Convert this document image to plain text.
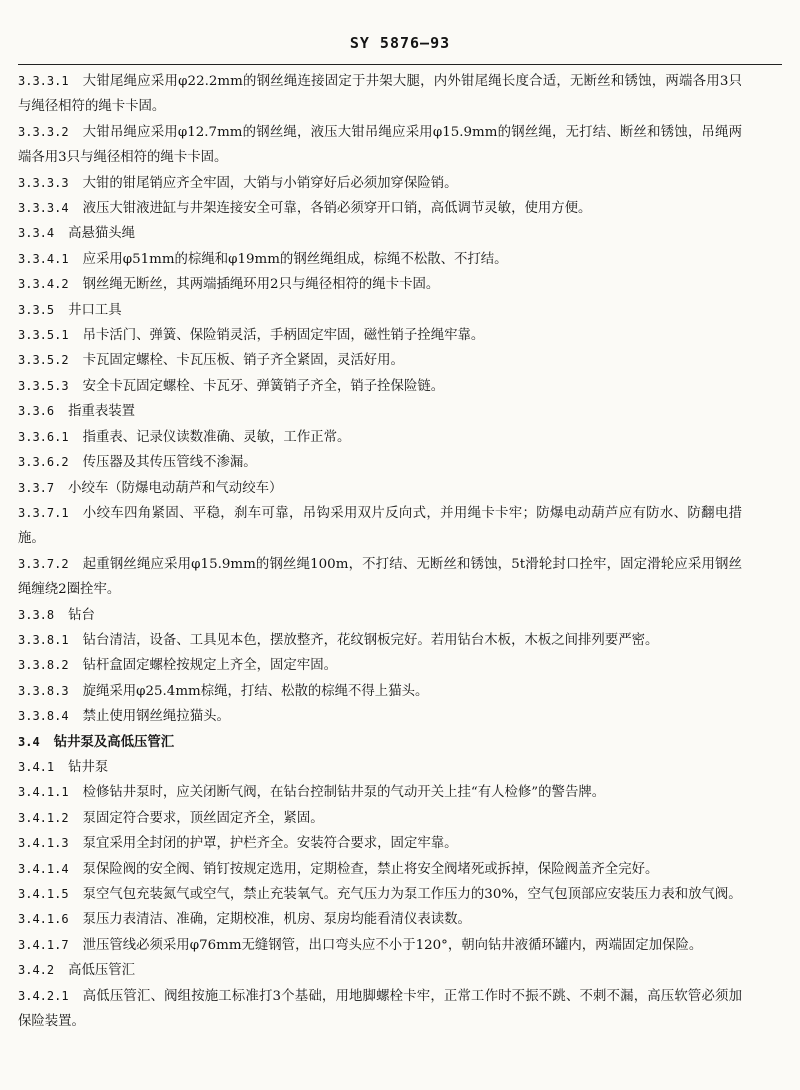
SY 5876—93

3.3.3.1 大钳尾绳应采用φ22.2mm的钢丝绳连接固定于井架大腿，内外钳尾绳长度合适，无断丝和锈蚀，两端各用3只与绳径相符的绳卡卡固。

3.3.3.2 大钳吊绳应采用φ12.7mm的钢丝绳，液压大钳吊绳应采用φ15.9mm的钢丝绳，无打结、断丝和锈蚀，吊绳两端各用3只与绳径相符的绳卡卡固。

3.3.3.3 大钳的钳尾销应齐全牢固，大销与小销穿好后必须加穿保险销。

3.3.3.4 液压大钳液进缸与井架连接安全可靠，各销必须穿开口销，高低调节灵敏，使用方便。

3.3.4 高悬猫头绳

3.3.4.1 应采用φ51mm的棕绳和φ19mm的钢丝绳组成，棕绳不松散、不打结。

3.3.4.2 钢丝绳无断丝，其两端插绳环用2只与绳径相符的绳卡卡固。

3.3.5 井口工具

3.3.5.1 吊卡活门、弹簧、保险销灵活，手柄固定牢固，磁性销子拴绳牢靠。

3.3.5.2 卡瓦固定螺栓、卡瓦压板、销子齐全紧固，灵活好用。

3.3.5.3 安全卡瓦固定螺栓、卡瓦牙、弹簧销子齐全，销子拴保险链。

3.3.6 指重表装置

3.3.6.1 指重表、记录仪读数准确、灵敏，工作正常。

3.3.6.2 传压器及其传压管线不渗漏。

3.3.7 小绞车（防爆电动葫芦和气动绞车）

3.3.7.1 小绞车四角紧固、平稳，刹车可靠，吊钩采用双片反向式，并用绳卡卡牢；防爆电动葫芦应有防水、防翻电措施。

3.3.7.2 起重钢丝绳应采用φ15.9mm的钢丝绳100m，不打结、无断丝和锈蚀，5t滑轮封口拴牢，固定滑轮应采用钢丝绳缠绕2圈拴牢。

3.3.8 钻台

3.3.8.1 钻台清洁，设备、工具见本色，摆放整齐，花纹钢板完好。若用钻台木板，木板之间排列要严密。

3.3.8.2 钻杆盒固定螺栓按规定上齐全，固定牢固。

3.3.8.3 旋绳采用φ25.4mm棕绳，打结、松散的棕绳不得上猫头。

3.3.8.4 禁止使用钢丝绳拉猫头。

3.4 钻井泵及高低压管汇

3.4.1 钻井泵

3.4.1.1 检修钻井泵时，应关闭断气阀，在钻台控制钻井泵的气动开关上挂“有人检修”的警告牌。

3.4.1.2 泵固定符合要求，顶丝固定齐全，紧固。

3.4.1.3 泵宜采用全封闭的护罩，护栏齐全。安装符合要求，固定牢靠。

3.4.1.4 泵保险阀的安全阀、销钉按规定选用，定期检查，禁止将安全阀堵死或拆掉，保险阀盖齐全完好。

3.4.1.5 泵空气包充装氮气或空气，禁止充装氧气。充气压力为泵工作压力的30%，空气包顶部应安装压力表和放气阀。

3.4.1.6 泵压力表清洁、准确，定期校准，机房、泵房均能看清仪表读数。

3.4.1.7 泄压管线必须采用φ76mm无缝钢管，出口弯头应不小于120°，朝向钻井液循环罐内，两端固定加保险。

3.4.2 高低压管汇

3.4.2.1 高低压管汇、阀组按施工标准打3个基础，用地脚螺栓卡牢，正常工作时不振不跳、不刺不漏，高压软管必须加保险装置。
